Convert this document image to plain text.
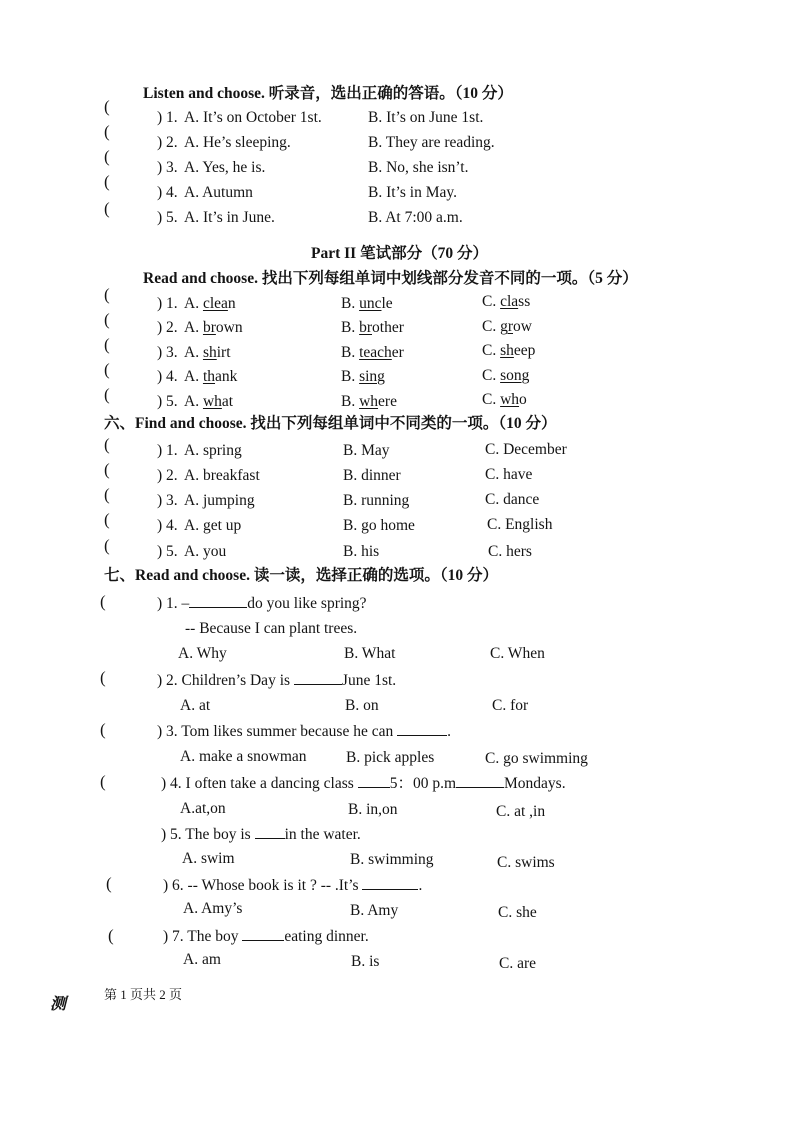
Listen and choose. 听录音，选出正确的答语。（10 分）
(
(
(
(
(
) 1. A. It’s on October 1st.	B. It’s on June 1st.
) 2. A. He’s sleeping.	B. They are reading.
) 3. A. Yes, he is.	B. No, she isn’t.
) 4. A. Autumn	B. It’s in May.
) 5. A. It’s in June.	B. At 7:00 a.m.
Part II 笔试部分（70 分）
Read and choose. 找出下列每组单词中划线部分发音不同的一项。（5 分）
(
(
(
(
(
) 1. A. clean	B. uncle	C. class
) 2. A. brown	B. brother	C. grow
) 3. A. shirt	B. teacher	C. sheep
) 4. A. thank	B. sing	C. song
) 5. A. what	B. where	C. who
六、Find and choose. 找出下列每组单词中不同类的一项。（10 分）
(
(
(
(
(
) 1. A. spring	B. May	C. December
) 2. A. breakfast	B. dinner	C. have
) 3. A. jumping	B. running	C. dance
) 4. A. get up	B. go home	C. English
) 5. A. you	B. his	C. hers
七、Read and choose. 读一读，选择正确的选项。（10 分）
(	) 1. –	do you like spring?
-- Because I can plant trees.
A. Why	B. What	C. When
(	) 2. Children’s Day is	June 1st.
A. at	B. on	C. for
(	) 3. Tom likes summer because he can	.
A. make a snowman	B. pick apples	C. go swimming
(	) 4. I often take a dancing class 5：00 p.m	Mondays.
A.at,on	B. in,on	C. at ,in
) 5. The boy is in the water.
A. swim	B. swimming	C. swims
(	) 6. -- Whose book is it ? -- .It’s	.
A. Amy’s	B. Amy	C. she
(	) 7. The boy	eating dinner.
A. am	B. is	C. are
测
第 1 页共 2 页
